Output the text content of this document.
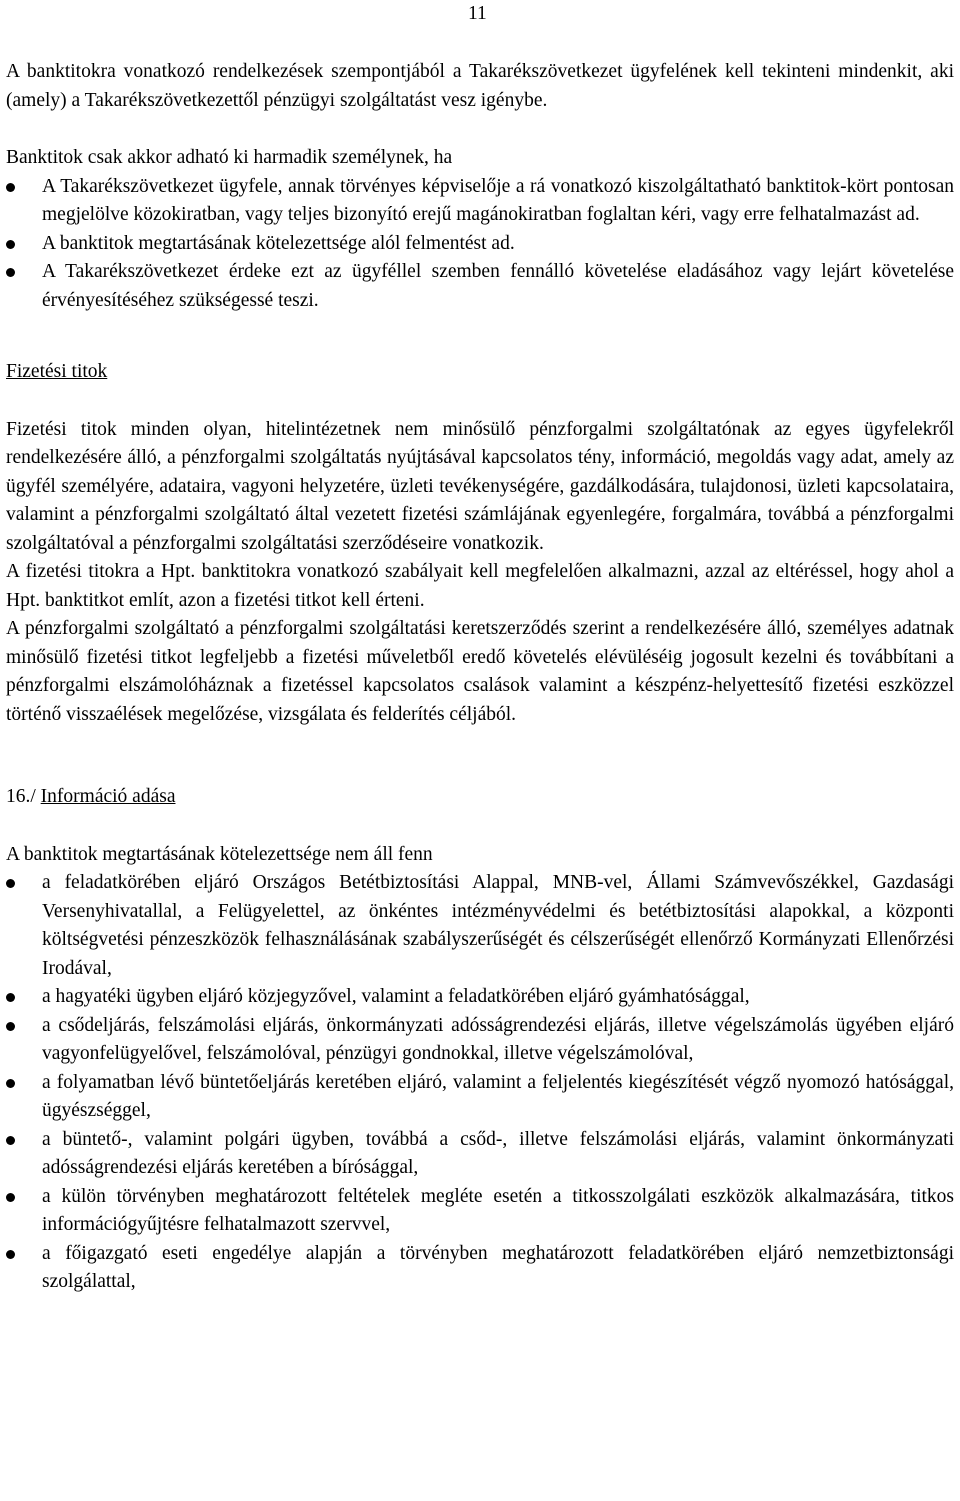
11

A banktitokra vonatkozó rendelkezések szempontjából a Takarékszövetkezet ügyfelének kell tekinteni mindenkit, aki (amely) a Takarékszövetkezettől pénzügyi szolgáltatást vesz igénybe.

Banktitok csak akkor adható ki harmadik személynek, ha

A Takarékszövetkezet ügyfele, annak törvényes képviselője a rá vonatkozó kiszolgáltatható banktitok-kört pontosan megjelölve közokiratban, vagy teljes bizonyító erejű magánokiratban foglaltan kéri, vagy erre felhatalmazást ad.
A banktitok megtartásának kötelezettsége alól felmentést ad.
A Takarékszövetkezet érdeke ezt az ügyféllel szemben fennálló követelése eladásához vagy lejárt követelése érvényesítéséhez szükségessé teszi.

Fizetési titok

Fizetési titok minden olyan, hitelintézetnek nem minősülő pénzforgalmi szolgáltatónak az egyes ügyfelekről rendelkezésére álló, a pénzforgalmi szolgáltatás nyújtásával kapcsolatos tény, információ, megoldás vagy adat, amely az ügyfél személyére, adataira, vagyoni helyzetére, üzleti tevékenységére, gazdálkodására, tulajdonosi, üzleti kapcsolataira, valamint a pénzforgalmi szolgáltató által vezetett fizetési számlájának egyenlegére, forgalmára, továbbá a pénzforgalmi szolgáltatóval a pénzforgalmi szolgáltatási szerződéseire vonatkozik.

A fizetési titokra a Hpt. banktitokra vonatkozó szabályait kell megfelelően alkalmazni, azzal az eltéréssel, hogy ahol a Hpt. banktitkot említ, azon a fizetési titkot kell érteni.

A pénzforgalmi szolgáltató a pénzforgalmi szolgáltatási keretszerződés szerint a rendelkezésére álló, személyes adatnak minősülő fizetési titkot legfeljebb a fizetési műveletből eredő követelés elévüléséig jogosult kezelni és továbbítani a pénzforgalmi elszámolóháznak a fizetéssel kapcsolatos csalások valamint a készpénz-helyettesítő fizetési eszközzel történő visszaélések megelőzése, vizsgálata és felderítés céljából.

16./ Információ adása

A banktitok megtartásának kötelezettsége nem áll fenn

a feladatkörében eljáró Országos Betétbiztosítási Alappal, MNB-vel, Állami Számvevőszékkel, Gazdasági Versenyhivatallal, a Felügyelettel, az önkéntes intézményvédelmi és betétbiztosítási alapokkal, a központi költségvetési pénzeszközök felhasználásának szabályszerűségét és célszerűségét ellenőrző Kormányzati Ellenőrzési Irodával,
a hagyatéki ügyben eljáró közjegyzővel, valamint a feladatkörében eljáró gyámhatósággal,
a csődeljárás, felszámolási eljárás, önkormányzati adósságrendezési eljárás, illetve végelszámolás ügyében eljáró vagyonfelügyelővel, felszámolóval, pénzügyi gondnokkal, illetve végelszámolóval,
a folyamatban lévő büntetőeljárás keretében eljáró, valamint a feljelentés kiegészítését végző nyomozó hatósággal, ügyészséggel,
a büntető-, valamint polgári ügyben, továbbá a csőd-, illetve felszámolási eljárás, valamint önkormányzati adósságrendezési eljárás keretében a bírósággal,
a külön törvényben meghatározott feltételek megléte esetén a titkosszolgálati eszközök alkalmazására, titkos információgyűjtésre felhatalmazott szervvel,
a főigazgató eseti engedélye alapján a törvényben meghatározott feladatkörében eljáró nemzetbiztonsági szolgálattal,
